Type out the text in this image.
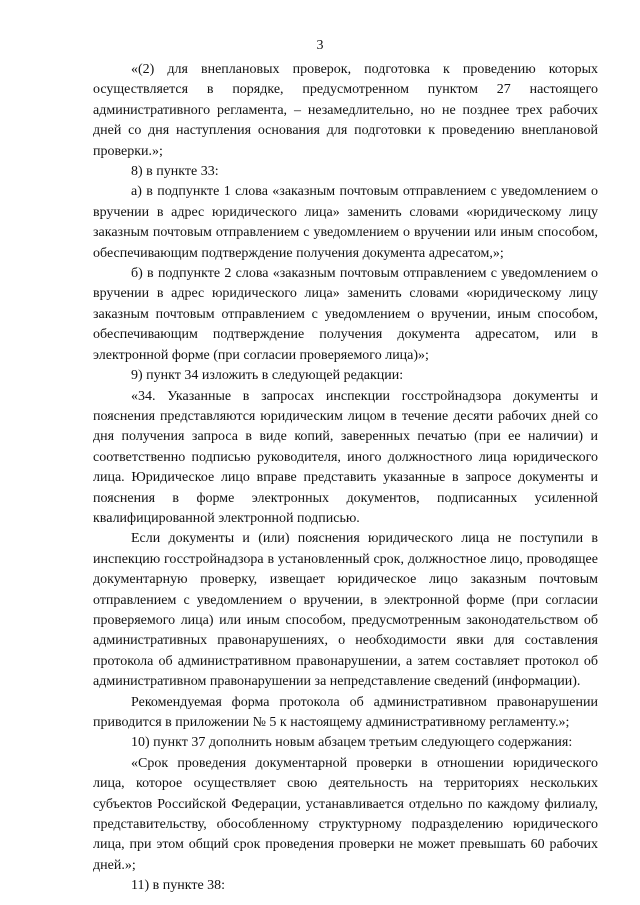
3

«(2) для внеплановых проверок, подготовка к проведению которых осуществляется в порядке, предусмотренном пунктом 27 настоящего административного регламента, – незамедлительно, но не позднее трех рабочих дней со дня наступления основания для подготовки к проведению внеплановой проверки.»;

8) в пункте 33:

а) в подпункте 1 слова «заказным почтовым отправлением с уведомлением о вручении в адрес юридического лица» заменить словами «юридическому лицу заказным почтовым отправлением с уведомлением о вручении или иным способом, обеспечивающим подтверждение получения документа адресатом,»;

б) в подпункте 2 слова «заказным почтовым отправлением с уведомлением о вручении в адрес юридического лица» заменить словами «юридическому лицу заказным почтовым отправлением с уведомлением о вручении, иным способом, обеспечивающим подтверждение получения документа адресатом, или в электронной форме (при согласии проверяемого лица)»;

9) пункт 34 изложить в следующей редакции:

«34. Указанные в запросах инспекции госстройнадзора документы и пояснения представляются юридическим лицом в течение десяти рабочих дней со дня получения запроса в виде копий, заверенных печатью (при ее наличии) и соответственно подписью руководителя, иного должностного лица юридического лица. Юридическое лицо вправе представить указанные в запросе документы и пояснения в форме электронных документов, подписанных усиленной квалифицированной электронной подписью.

Если документы и (или) пояснения юридического лица не поступили в инспекцию госстройнадзора в установленный срок, должностное лицо, проводящее документарную проверку, извещает юридическое лицо заказным почтовым отправлением с уведомлением о вручении, в электронной форме (при согласии проверяемого лица) или иным способом, предусмотренным законодательством об административных правонарушениях, о необходимости явки для составления протокола об административном правонарушении, а затем составляет протокол об административном правонарушении за непредставление сведений (информации).

Рекомендуемая форма протокола об административном правонарушении приводится в приложении № 5 к настоящему административному регламенту.»;

10) пункт 37 дополнить новым абзацем третьим следующего содержания:

«Срок проведения документарной проверки в отношении юридического лица, которое осуществляет свою деятельность на территориях нескольких субъектов Российской Федерации, устанавливается отдельно по каждому филиалу, представительству, обособленному структурному подразделению юридического лица, при этом общий срок проведения проверки не может превышать 60 рабочих дней.»;

11) в пункте 38:
